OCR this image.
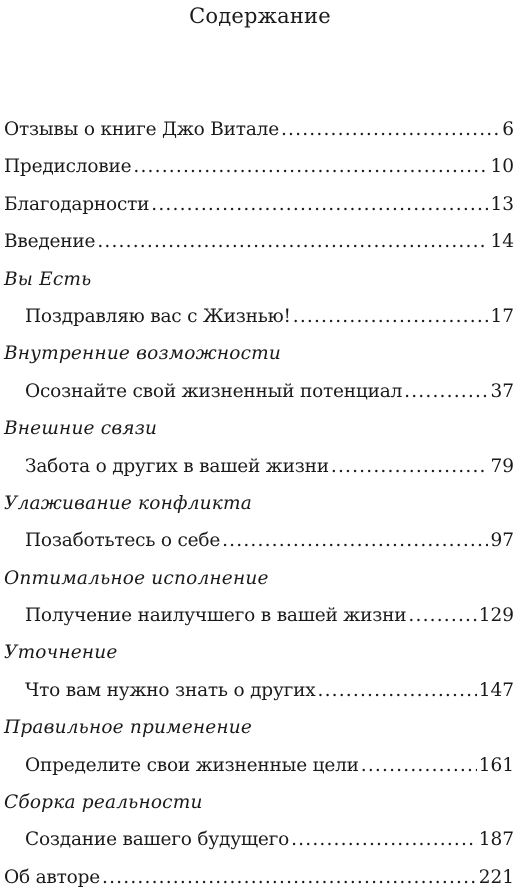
Содержание
Отзывы о книге Джо Витале .....	6
Предисловие .....	10
Благодарности .....	13
Введение .....	14
Вы Есть
Поздравляю вас с Жизнью! .....	17
Внутренние возможности
Осознайте свой жизненный потенциал .....	37
Внешние связи
Забота о других в вашей жизни .....	79
Улаживание конфликта
Позаботьтесь о себе .....	97
Оптимальное исполнение
Получение наилучшего в вашей жизни .....	129
Уточнение
Что вам нужно знать о других .....	147
Правильное применение
Определите свои жизненные цели .....	161
Сборка реальности
Создание вашего будущего .....	187
Об авторе .....	221
